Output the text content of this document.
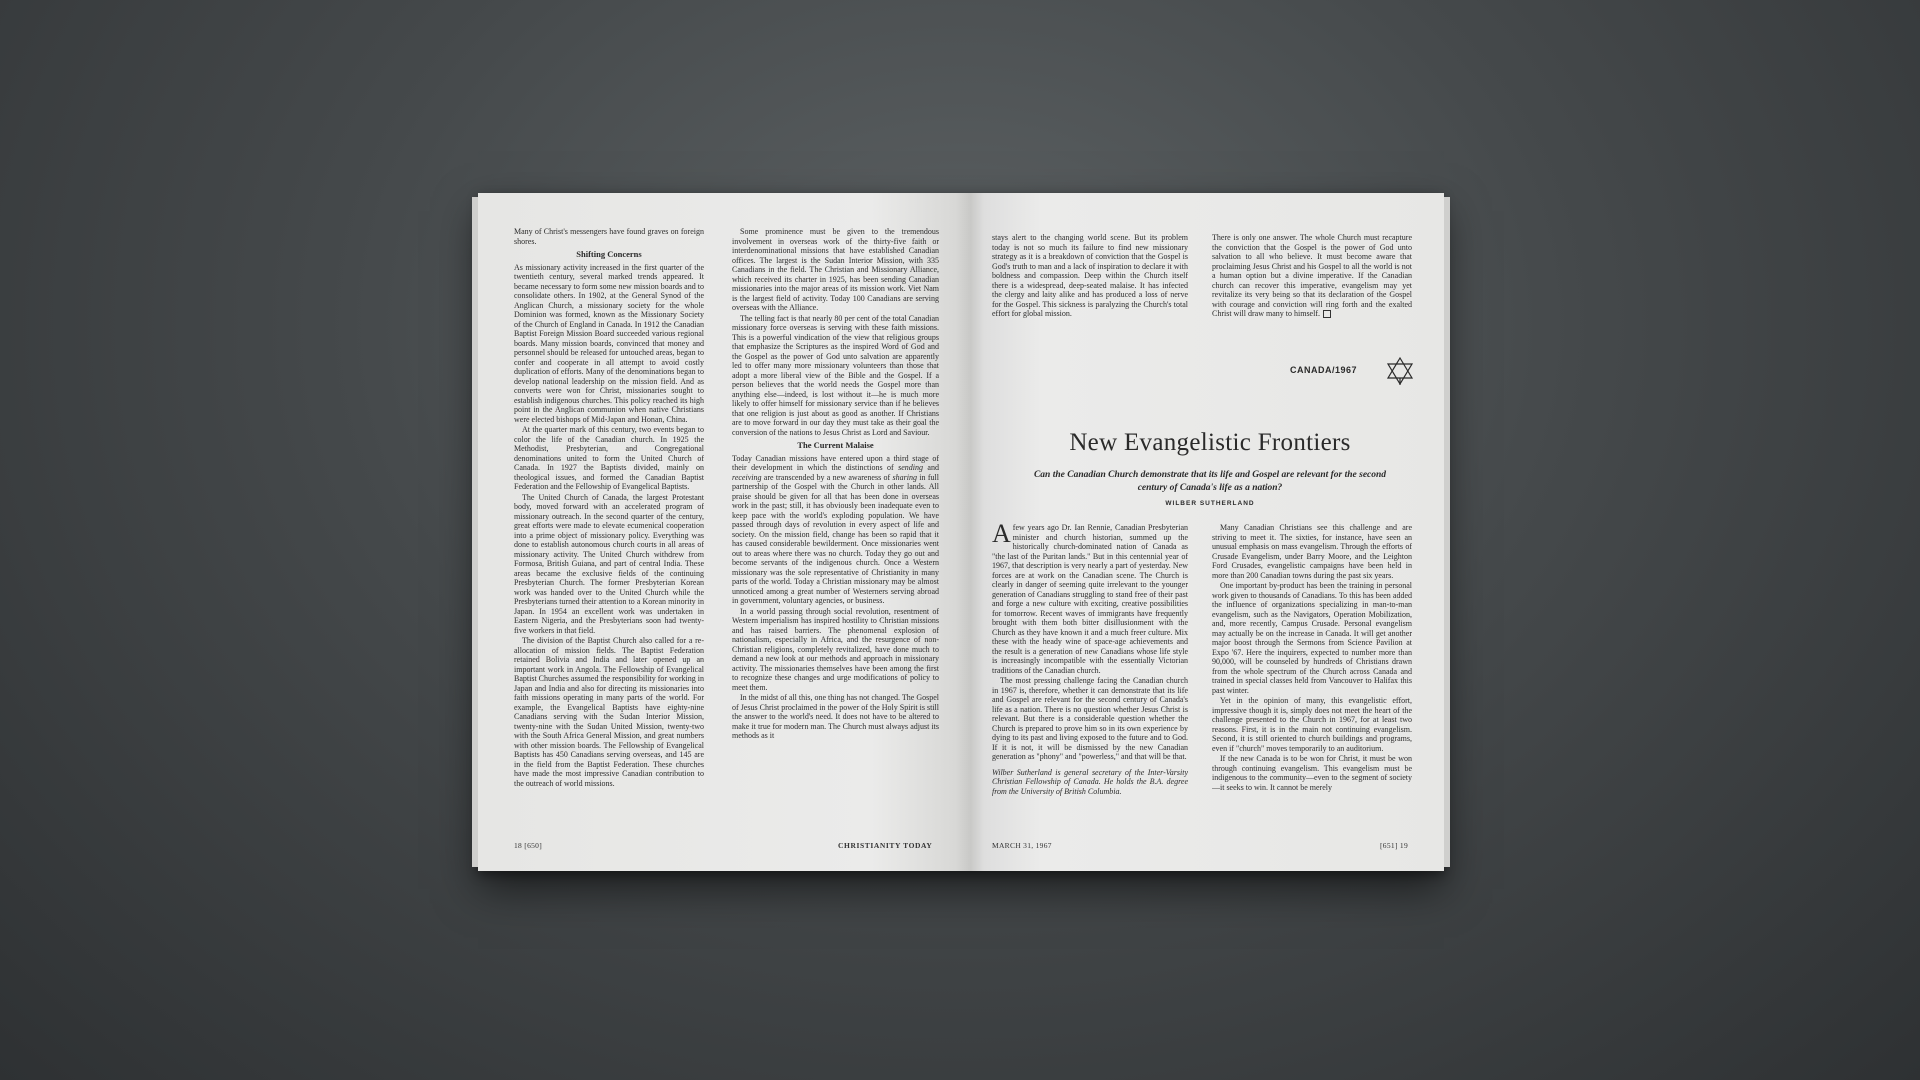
Many of Christ's messengers have found graves on foreign shores.

Shifting Concerns

As missionary activity increased in the first quarter of the twentieth century, several marked trends appeared. It became necessary to form some new mission boards and to consolidate others. In 1902, at the General Synod of the Anglican Church, a missionary society for the whole Dominion was formed, known as the Missionary Society of the Church of England in Canada. In 1912 the Canadian Baptist Foreign Mission Board succeeded various regional boards. Many mission boards, convinced that money and personnel should be released for untouched areas, began to confer and cooperate in all attempt to avoid costly duplication of efforts. Many of the denominations began to develop national leadership on the mission field. And as converts were won for Christ, missionaries sought to establish indigenous churches. This policy reached its high point in the Anglican communion when native Christians were elected bishops of Mid-Japan and Honan, China.

At the quarter mark of this century, two events began to color the life of the Canadian church. In 1925 the Methodist, Presbyterian, and Congregational denominations united to form the United Church of Canada. In 1927 the Baptists divided, mainly on theological issues, and formed the Canadian Baptist Federation and the Fellowship of Evangelical Baptists.

The United Church of Canada, the largest Protestant body, moved forward with an accelerated program of missionary outreach. In the second quarter of the century, great efforts were made to elevate ecumenical cooperation into a prime object of missionary policy. Everything was done to establish autonomous church courts in all areas of missionary activity. The United Church withdrew from Formosa, British Guiana, and part of central India. These areas became the exclusive fields of the continuing Presbyterian Church. The former Presbyterian Korean work was handed over to the United Church while the Presbyterians turned their attention to a Korean minority in Japan. In 1954 an excellent work was undertaken in Eastern Nigeria, and the Presbyterians soon had twenty-five workers in that field.

The division of the Baptist Church also called for a re-allocation of mission fields. The Baptist Federation retained Bolivia and India and later opened up an important work in Angola. The Fellowship of Evangelical Baptist Churches assumed the responsibility for working in Japan and India and also for directing its missionaries into faith missions operating in many parts of the world. For example, the Evangelical Baptists have eighty-nine Canadians serving with the Sudan Interior Mission, twenty-nine with the Sudan United Mission, twenty-two with the South Africa General Mission, and great numbers with other mission boards. The Fellowship of Evangelical Baptists has 450 Canadians serving overseas, and 145 are in the field from the Baptist Federation. These churches have made the most impressive Canadian contribution to the outreach of world missions.

Some prominence must be given to the tremendous involvement in overseas work of the thirty-five faith or interdenominational missions that have established Canadian offices. The largest is the Sudan Interior Mission, with 335 Canadians in the field. The Christian and Missionary Alliance, which received its charter in 1925, has been sending Canadian missionaries into the major areas of its mission work. Viet Nam is the largest field of activity. Today 100 Canadians are serving overseas with the Alliance.

The telling fact is that nearly 80 per cent of the total Canadian missionary force overseas is serving with these faith missions. This is a powerful vindication of the view that religious groups that emphasize the Scriptures as the inspired Word of God and the Gospel as the power of God unto salvation are apparently led to offer many more missionary volunteers than those that adopt a more liberal view of the Bible and the Gospel. If a person believes that the world needs the Gospel more than anything else—indeed, is lost without it—he is much more likely to offer himself for missionary service than if he believes that one religion is just about as good as another. If Christians are to move forward in our day they must take as their goal the conversion of the nations to Jesus Christ as Lord and Saviour.

The Current Malaise

Today Canadian missions have entered upon a third stage of their development in which the distinctions of sending and receiving are transcended by a new awareness of sharing in full partnership of the Gospel with the Church in other lands. All praise should be given for all that has been done in overseas work in the past; still, it has obviously been inadequate even to keep pace with the world's exploding population. We have passed through days of revolution in every aspect of life and society. On the mission field, change has been so rapid that it has caused considerable bewilderment. Once missionaries went out to areas where there was no church. Today they go out and become servants of the indigenous church. Once a Western missionary was the sole representative of Christianity in many parts of the world. Today a Christian missionary may be almost unnoticed among a great number of Westerners serving abroad in government, voluntary agencies, or business.

In a world passing through social revolution, resentment of Western imperialism has inspired hostility to Christian missions and has raised barriers. The phenomenal explosion of nationalism, especially in Africa, and the resurgence of non-Christian religions, completely revitalized, have done much to demand a new look at our methods and approach in missionary activity. The missionaries themselves have been among the first to recognize these changes and urge modifications of policy to meet them.

In the midst of all this, one thing has not changed. The Gospel of Jesus Christ proclaimed in the power of the Holy Spirit is still the answer to the world's need. It does not have to be altered to make it true for modern man. The Church must always adjust its methods as it

18 [650]	CHRISTIANITY TODAY
stays alert to the changing world scene. But its problem today is not so much its failure to find new missionary strategy as it is a breakdown of conviction that the Gospel is God's truth to man and a lack of inspiration to declare it with boldness and compassion. Deep within the Church itself there is a widespread, deep-seated malaise. It has infected the clergy and laity alike and has produced a loss of nerve for the Gospel. This sickness is paralyzing the Church's total effort for global mission.
There is only one answer. The whole Church must recapture the conviction that the Gospel is the power of God unto salvation to all who believe. It must become aware that proclaiming Jesus Christ and his Gospel to all the world is not a human option but a divine imperative. If the Canadian church can recover this imperative, evangelism may yet revitalize its very being so that its declaration of the Gospel with courage and conviction will ring forth and the exalted Christ will draw many to himself.
CANADA/1967
New Evangelistic Frontiers
Can the Canadian Church demonstrate that its life and Gospel are relevant for the second century of Canada's life as a nation?
WILBER SUTHERLAND

Afew years ago Dr. Ian Rennie, Canadian Presbyterian minister and church historian, summed up the historically church-dominated nation of Canada as "the last of the Puritan lands." But in this centennial year of 1967, that description is very nearly a part of yesterday. New forces are at work on the Canadian scene. The Church is clearly in danger of seeming quite irrelevant to the younger generation of Canadians struggling to stand free of their past and forge a new culture with exciting, creative possibilities for tomorrow. Recent waves of immigrants have frequently brought with them both bitter disillusionment with the Church as they have known it and a much freer culture. Mix these with the heady wine of space-age achievements and the result is a generation of new Canadians whose life style is increasingly incompatible with the essentially Victorian traditions of the Canadian church.

The most pressing challenge facing the Canadian church in 1967 is, therefore, whether it can demonstrate that its life and Gospel are relevant for the second century of Canada's life as a nation. There is no question whether Jesus Christ is relevant. But there is a considerable question whether the Church is prepared to prove him so in its own experience by dying to its past and living exposed to the future and to God. If it is not, it will be dismissed by the new Canadian generation as "phony" and "powerless," and that will be that.

Wilber Sutherland is general secretary of the Inter-Varsity Christian Fellowship of Canada. He holds the B.A. degree from the University of British Columbia.

Many Canadian Christians see this challenge and are striving to meet it. The sixties, for instance, have seen an unusual emphasis on mass evangelism. Through the efforts of Crusade Evangelism, under Barry Moore, and the Leighton Ford Crusades, evangelistic campaigns have been held in more than 200 Canadian towns during the past six years.

One important by-product has been the training in personal work given to thousands of Canadians. To this has been added the influence of organizations specializing in man-to-man evangelism, such as the Navigators, Operation Mobilization, and, more recently, Campus Crusade. Personal evangelism may actually be on the increase in Canada. It will get another major boost through the Sermons from Science Pavilion at Expo '67. Here the inquirers, expected to number more than 90,000, will be counseled by hundreds of Christians drawn from the whole spectrum of the Church across Canada and trained in special classes held from Vancouver to Halifax this past winter.

Yet in the opinion of many, this evangelistic effort, impressive though it is, simply does not meet the heart of the challenge presented to the Church in 1967, for at least two reasons. First, it is in the main not continuing evangelism. Second, it is still oriented to church buildings and programs, even if "church" moves temporarily to an auditorium.

If the new Canada is to be won for Christ, it must be won through continuing evangelism. This evangelism must be indigenous to the community—even to the segment of society—it seeks to win. It cannot be merely

MARCH 31, 1967	[651] 19
